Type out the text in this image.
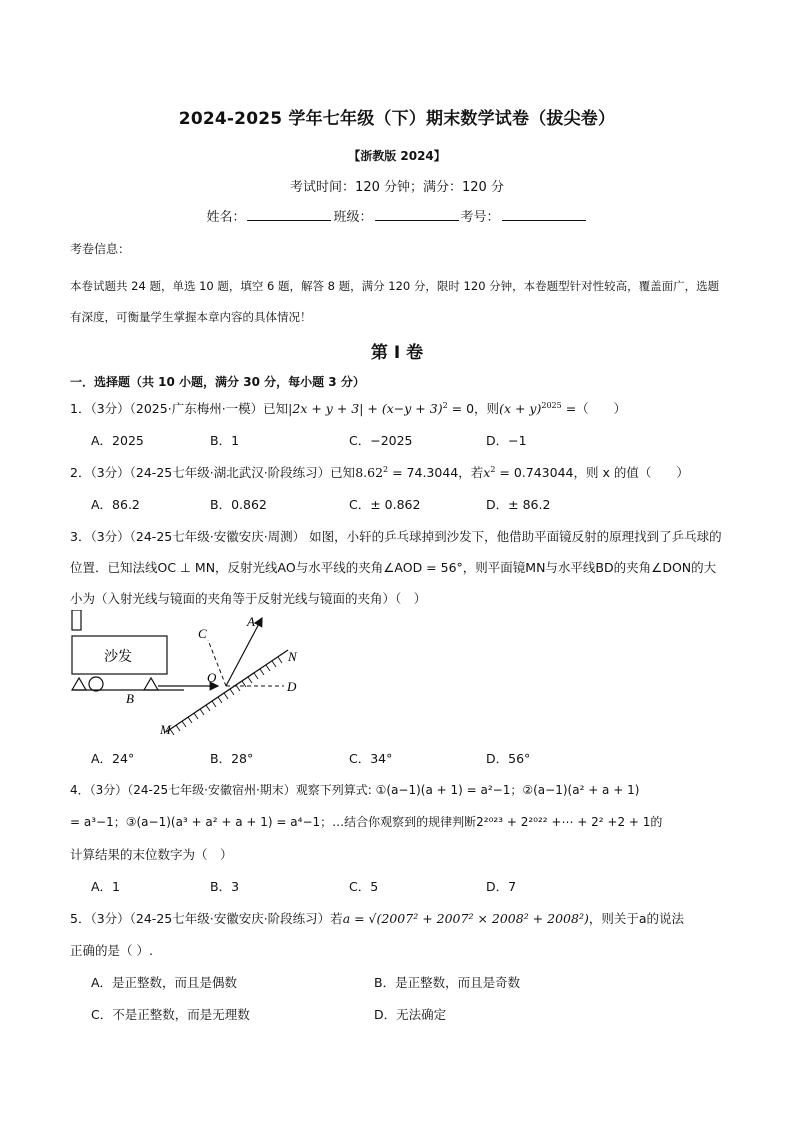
2024-2025 学年七年级（下）期末数学试卷（拔尖卷）
【浙教版 2024】
考试时间：120 分钟；满分：120 分
姓名：	班级：	考号：
考卷信息：
本卷试题共 24 题，单选 10 题，填空 6 题，解答 8 题，满分 120 分，限时 120 分钟，本卷题型针对性较高，覆盖面广，选题有深度，可衡量学生掌握本章内容的具体情况！
第 I 卷
一．选择题（共 10 小题，满分 30 分，每小题 3 分）
1．（3分）（2025·广东梅州·一模）已知$|2x + y + 3| + (x-y + 3)^2 = 0$，则$(x + y)^{2025}$ =（　　）
A．2025	B．1	C．−2025	D．−1
2．（3分）（24-25七年级·湖北武汉·阶段练习）已知$8.62^2 = 74.3044$，若$x^2 = 0.743044$，则 x 的值（　　）
A．86.2	B．0.862	C．± 0.862	D．± 86.2
3．（3分）（24-25七年级·安徽安庆·周测） 如图，小轩的乒乓球掉到沙发下，他借助平面镜反射的原理找到了乒乓球的位置．已知法线OC ⊥ MN，反射光线AO与水平线的夹角∠AOD = 56°，则平面镜MN与水平线BD的夹角∠DON的大小为（入射光线与镜面的夹角等于反射光线与镜面的夹角）（　）
沙发
C
A
N
O
D
B
M
A．24°	B．28°	C．34°	D．56°
4．（3分）（24-25七年级·安徽宿州·期末）观察下列算式: ①(a−1)(a + 1) = a²−1；②(a−1)(a² + a + 1)
= a³−1；③(a−1)(a³ + a² + a + 1) = a⁴−1；…结合你观察到的规律判断2²⁰²³ + 2²⁰²² +⋯ + 2² +2 + 1的
计算结果的末位数字为（　）
A．1	B．3	C．5	D．7
5．（3分）（24-25七年级·安徽安庆·阶段练习）若a = √(2007² + 2007² × 2008² + 2008²)，则关于a的说法
正确的是（ ）.
A．是正整数，而且是偶数	B．是正整数，而且是奇数
C．不是正整数，而是无理数	D．无法确定
